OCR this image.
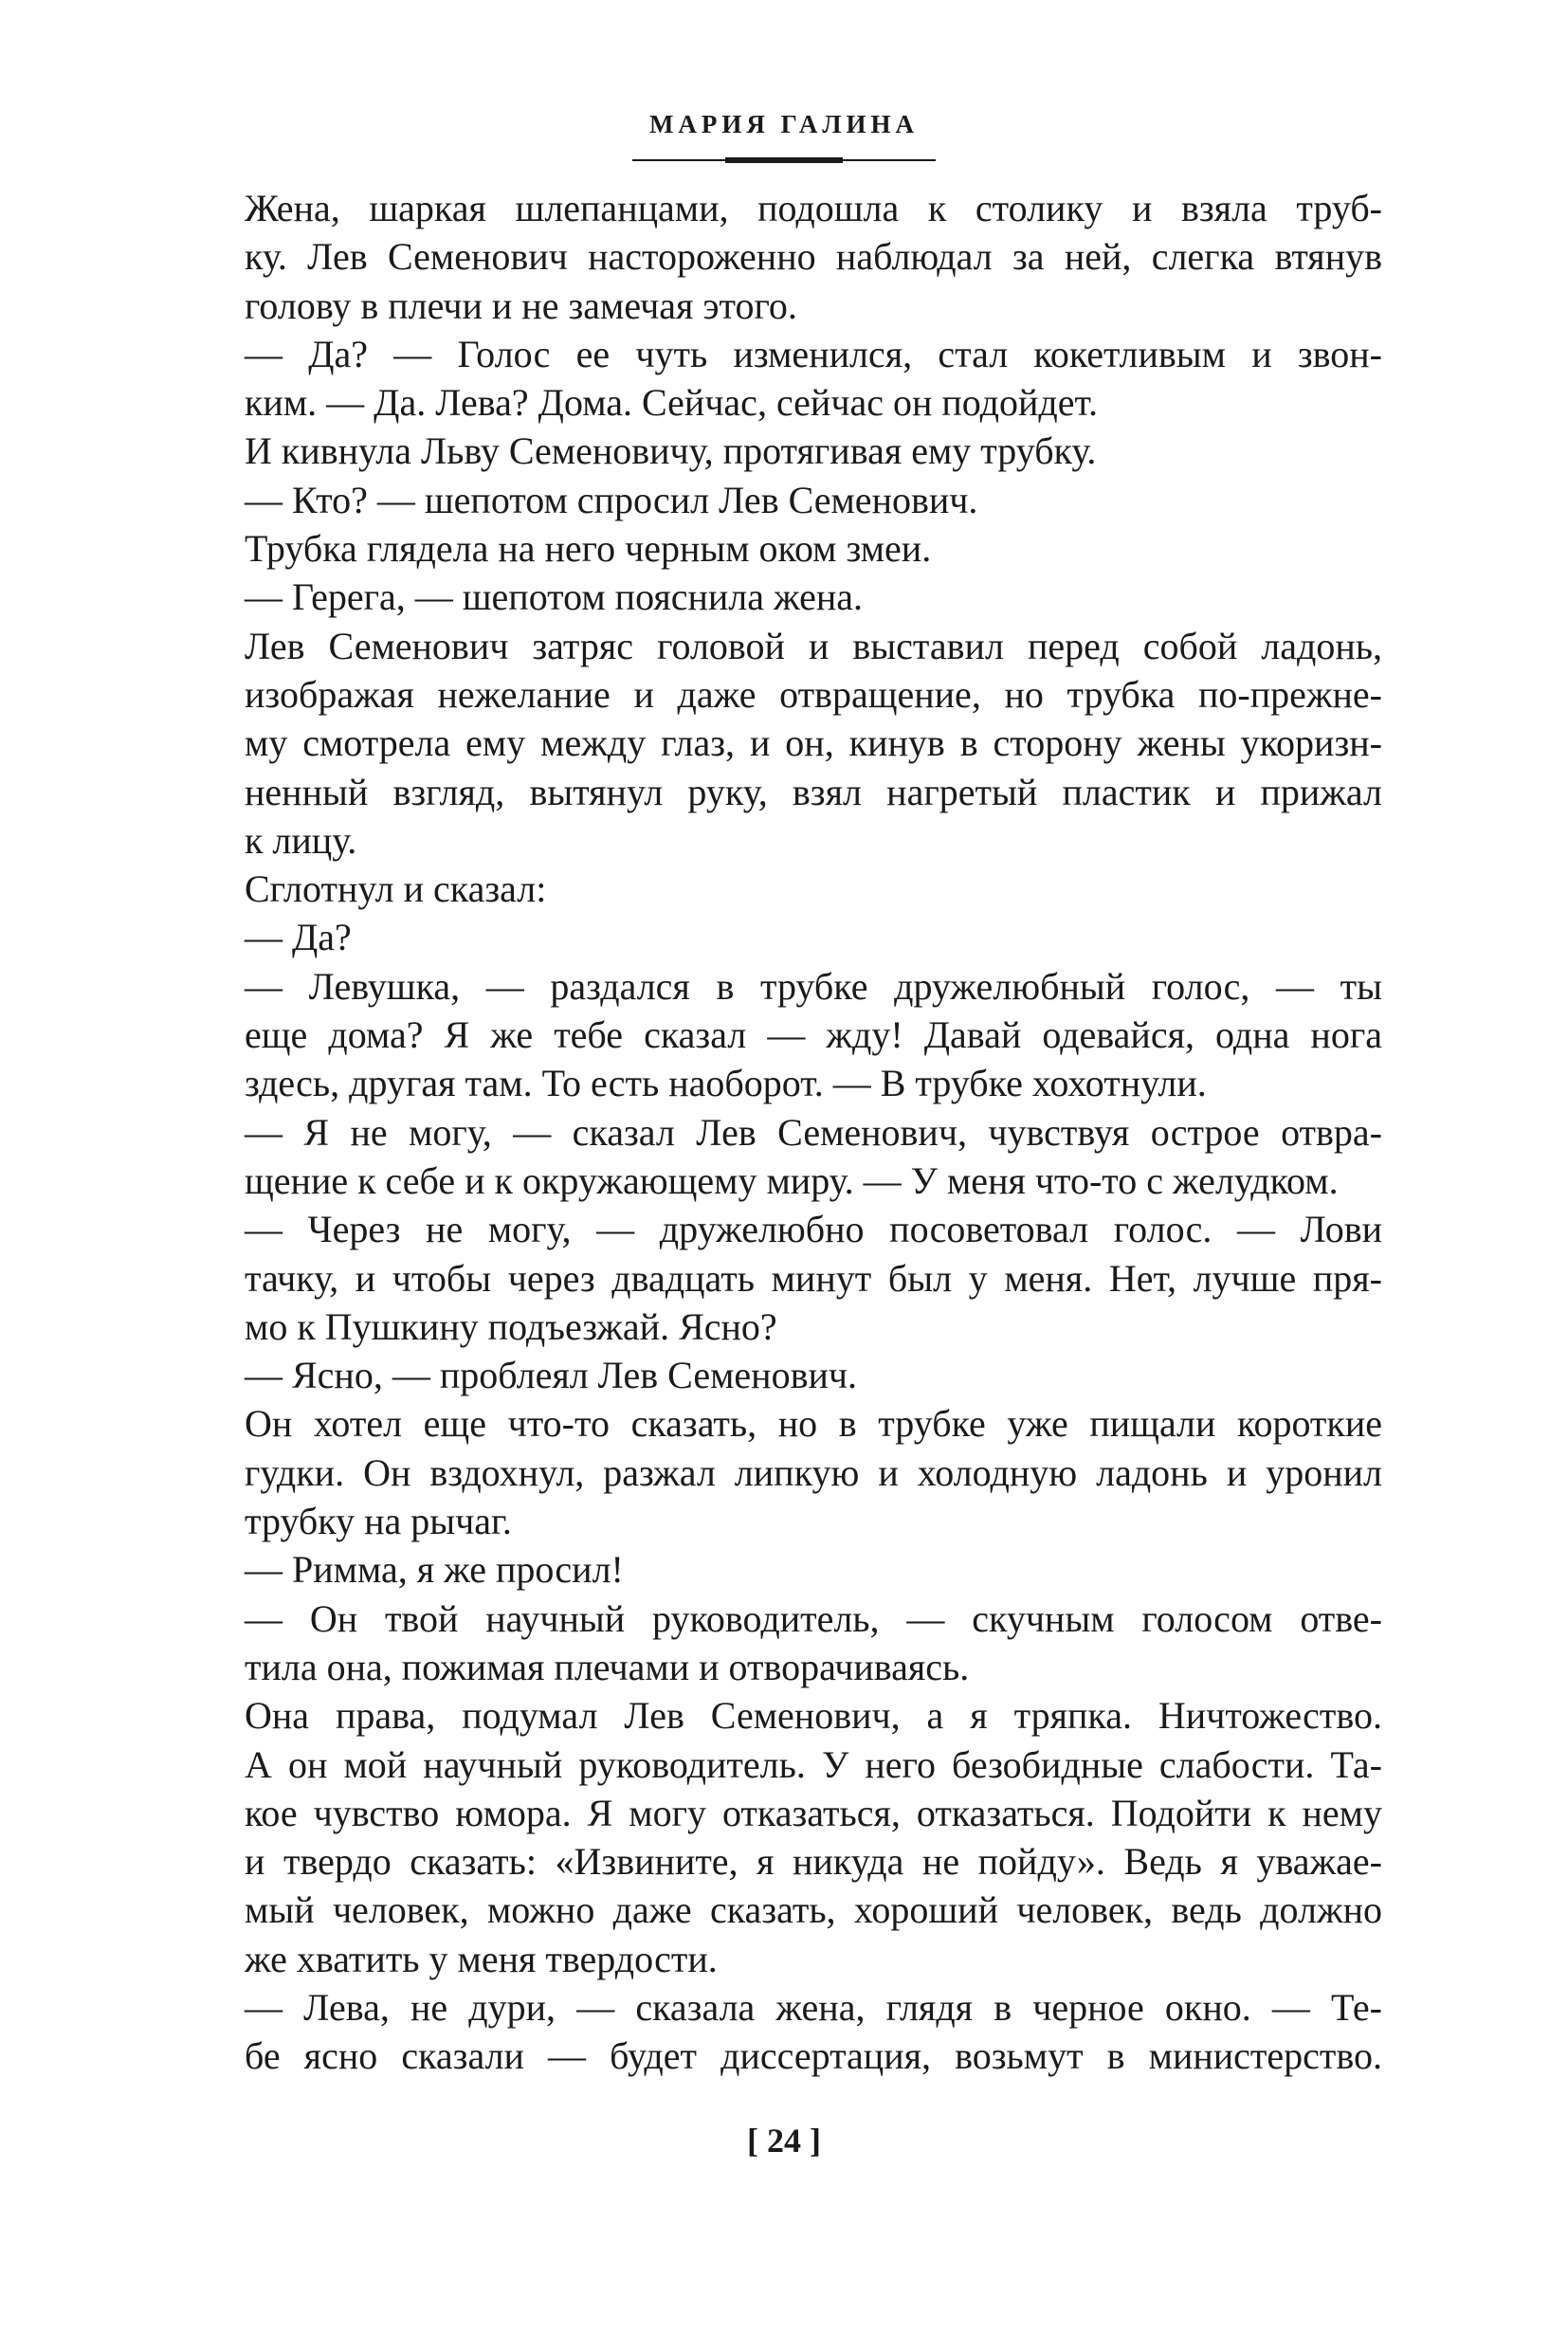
МАРИЯ ГАЛИНА
Жена, шаркая шлепанцами, подошла к столику и взяла труб-
ку. Лев Семенович настороженно наблюдал за ней, слегка втянув
голову в плечи и не замечая этого.
— Да? — Голос ее чуть изменился, стал кокетливым и звон-
ким. — Да. Лева? Дома. Сейчас, сейчас он подойдет.
И кивнула Льву Семеновичу, протягивая ему трубку.
— Кто? — шепотом спросил Лев Семенович.
Трубка глядела на него черным оком змеи.
— Герега, — шепотом пояснила жена.
Лев Семенович затряс головой и выставил перед собой ладонь,
изображая нежелание и даже отвращение, но трубка по-прежне-
му смотрела ему между глаз, и он, кинув в сторону жены укоризн-
ненный взгляд, вытянул руку, взял нагретый пластик и прижал
к лицу.
Сглотнул и сказал:
— Да?
— Левушка, — раздался в трубке дружелюбный голос, — ты
еще дома? Я же тебе сказал — жду! Давай одевайся, одна нога
здесь, другая там. То есть наоборот. — В трубке хохотнули.
— Я не могу, — сказал Лев Семенович, чувствуя острое отвра-
щение к себе и к окружающему миру. — У меня что-то с желудком.
— Через не могу, — дружелюбно посоветовал голос. — Лови
тачку, и чтобы через двадцать минут был у меня. Нет, лучше пря-
мо к Пушкину подъезжай. Ясно?
— Ясно, — проблеял Лев Семенович.
Он хотел еще что-то сказать, но в трубке уже пищали короткие
гудки. Он вздохнул, разжал липкую и холодную ладонь и уронил
трубку на рычаг.
— Римма, я же просил!
— Он твой научный руководитель, — скучным голосом отве-
тила она, пожимая плечами и отворачиваясь.
Она права, подумал Лев Семенович, а я тряпка. Ничтожество.
А он мой научный руководитель. У него безобидные слабости. Та-
кое чувство юмора. Я могу отказаться, отказаться. Подойти к нему
и твердо сказать: «Извините, я никуда не пойду». Ведь я уважае-
мый человек, можно даже сказать, хороший человек, ведь должно
же хватить у меня твердости.
— Лева, не дури, — сказала жена, глядя в черное окно. — Те-
бе ясно сказали — будет диссертация, возьмут в министерство.
[ 24 ]
